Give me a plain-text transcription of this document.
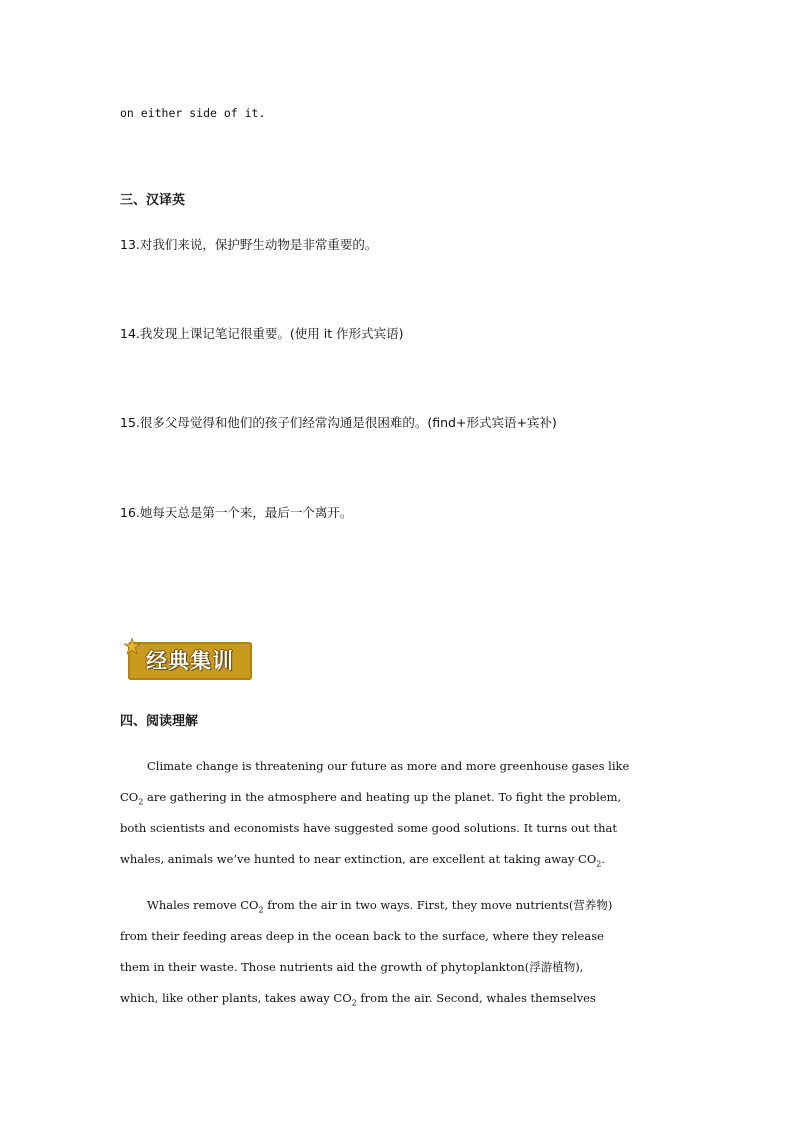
on either side of it.
三、汉译英
13.对我们来说，保护野生动物是非常重要的。
14.我发现上课记笔记很重要。(使用 it 作形式宾语)
15.很多父母觉得和他们的孩子们经常沟通是很困难的。(find+形式宾语+宾补)
16.她每天总是第一个来，最后一个离开。
经典集训
四、阅读理解
Climate change is threatening our future as more and more greenhouse gases like
$CO_2$ are gathering in the atmosphere and heating up the planet. To fight the problem,
both scientists and economists have suggested some good solutions. It turns out that
whales, animals we’ve hunted to near extinction, are excellent at taking away $CO_2$.
Whales remove $CO_2$ from the air in two ways. First, they move nutrients(营养物)
from their feeding areas deep in the ocean back to the surface, where they release
them in their waste. Those nutrients aid the growth of phytoplankton(浮游植物),
which, like other plants, takes away $CO_2$ from the air. Second, whales themselves
